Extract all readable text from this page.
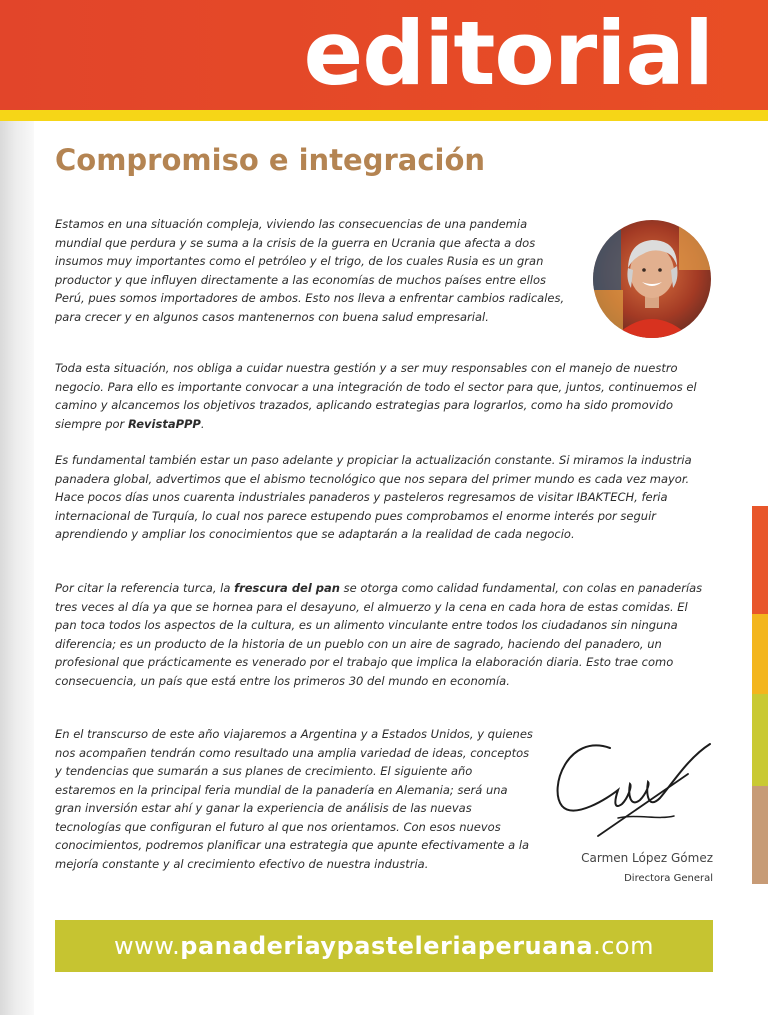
editorial
Compromiso e integración

Estamos en una situación compleja, viviendo las consecuencias de una pandemia mundial que perdura y se suma a la crisis de la guerra en Ucrania que afecta a dos insumos muy importantes como el petróleo y el trigo, de los cuales Rusia es un gran productor y que influyen directamente a las economías de muchos países entre ellos Perú, pues somos importadores de ambos. Esto nos lleva a enfrentar cambios radicales, para crecer y en algunos casos mantenernos con buena salud empresarial.

Toda esta situación, nos obliga a cuidar nuestra gestión y a ser muy responsables con el manejo de nuestro negocio. Para ello es importante convocar a una integración de todo el sector para que, juntos, continuemos el camino y alcancemos los objetivos trazados, aplicando estrategias para lograrlos, como ha sido promovido siempre por RevistaPPP.

Es fundamental también estar un paso adelante y propiciar la actualización constante. Si miramos la industria panadera global, advertimos que el abismo tecnológico que nos separa del primer mundo es cada vez mayor. Hace pocos días unos cuarenta industriales panaderos y pasteleros regresamos de visitar IBAKTECH, feria internacional de Turquía, lo cual nos parece estupendo pues comprobamos el enorme interés por seguir aprendiendo y ampliar los conocimientos que se adaptarán a la realidad de cada negocio.

Por citar la referencia turca, la frescura del pan se otorga como calidad fundamental, con colas en panaderías tres veces al día ya que se hornea para el desayuno, el almuerzo y la cena en cada hora de estas comidas. El pan toca todos los aspectos de la cultura, es un alimento vinculante entre todos los ciudadanos sin ninguna diferencia; es un producto de la historia de un pueblo con un aire de sagrado, haciendo del panadero, un profesional que prácticamente es venerado por el trabajo que implica la elaboración diaria. Esto trae como consecuencia, un país que está entre los primeros 30 del mundo en economía.

En el transcurso de este año viajaremos a Argentina y a Estados Unidos, y quienes nos acompañen tendrán como resultado una amplia variedad de ideas, conceptos y tendencias que sumarán a sus planes de crecimiento. El siguiente año estaremos en la principal feria mundial de la panadería en Alemania; será una gran inversión estar ahí y ganar la experiencia de análisis de las nuevas tecnologías que configuran el futuro al que nos orientamos. Con esos nuevos conocimientos, podremos planificar una estrategia que apunte efectivamente a la mejoría constante y al crecimiento efectivo de nuestra industria.	Carmen López Gómez

Directora General

www. panaderiaypasteleriaperuana .com
